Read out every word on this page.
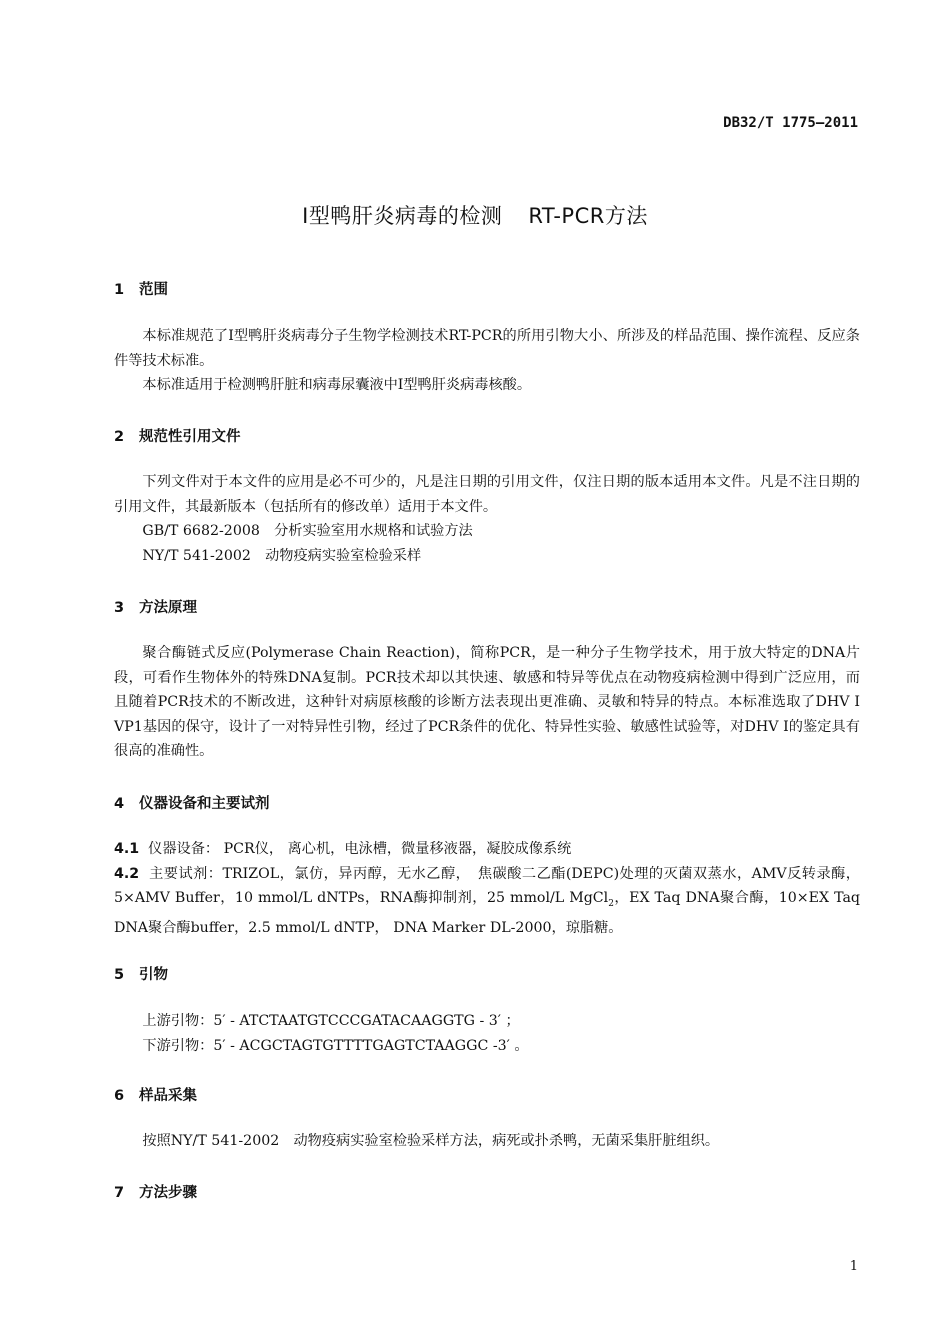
DB32/T 1775—2011
I型鸭肝炎病毒的检测 RT-PCR方法
1 范围

本标准规范了I型鸭肝炎病毒分子生物学检测技术RT-PCR的所用引物大小、所涉及的样品范围、操作流程、反应条件等技术标准。

本标准适用于检测鸭肝脏和病毒尿囊液中I型鸭肝炎病毒核酸。

2 规范性引用文件

下列文件对于本文件的应用是必不可少的，凡是注日期的引用文件，仅注日期的版本适用本文件。凡是不注日期的引用文件，其最新版本（包括所有的修改单）适用于本文件。

GB/T 6682-2008　分析实验室用水规格和试验方法

NY/T 541-2002　动物疫病实验室检验采样

3 方法原理

聚合酶链式反应(Polymerase Chain Reaction)，简称PCR，是一种分子生物学技术，用于放大特定的DNA片段，可看作生物体外的特殊DNA复制。PCR技术却以其快速、敏感和特异等优点在动物疫病检测中得到广泛应用，而且随着PCR技术的不断改进，这种针对病原核酸的诊断方法表现出更准确、灵敏和特异的特点。本标准选取了DHV I VP1基因的保守，设计了一对特异性引物，经过了PCR条件的优化、特异性实验、敏感性试验等，对DHV I的鉴定具有很高的准确性。

4 仪器设备和主要试剂

4.1 仪器设备： PCR仪， 离心机，电泳槽，微量移液器，凝胶成像系统

4.2 主要试剂：TRIZOL，氯仿，异丙醇，无水乙醇，　焦碳酸二乙酯(DEPC)处理的灭菌双蒸水，AMV反转录酶，5×AMV Buffer，10 mmol/L dNTPs，RNA酶抑制剂，25 mmol/L MgCl$_2$，EX Taq DNA聚合酶，10×EX Taq DNA聚合酶buffer，2.5 mmol/L dNTP， DNA Marker DL-2000，琼脂糖。

5 引物

上游引物：5′ - ATCTAATGTCCCGATACAAGGTG - 3′ ；

下游引物：5′ - ACGCTAGTGTTTTGAGTCTAAGGC -3′ 。

6 样品采集

按照NY/T 541-2002　动物疫病实验室检验采样方法，病死或扑杀鸭，无菌采集肝脏组织。

7 方法步骤
1
